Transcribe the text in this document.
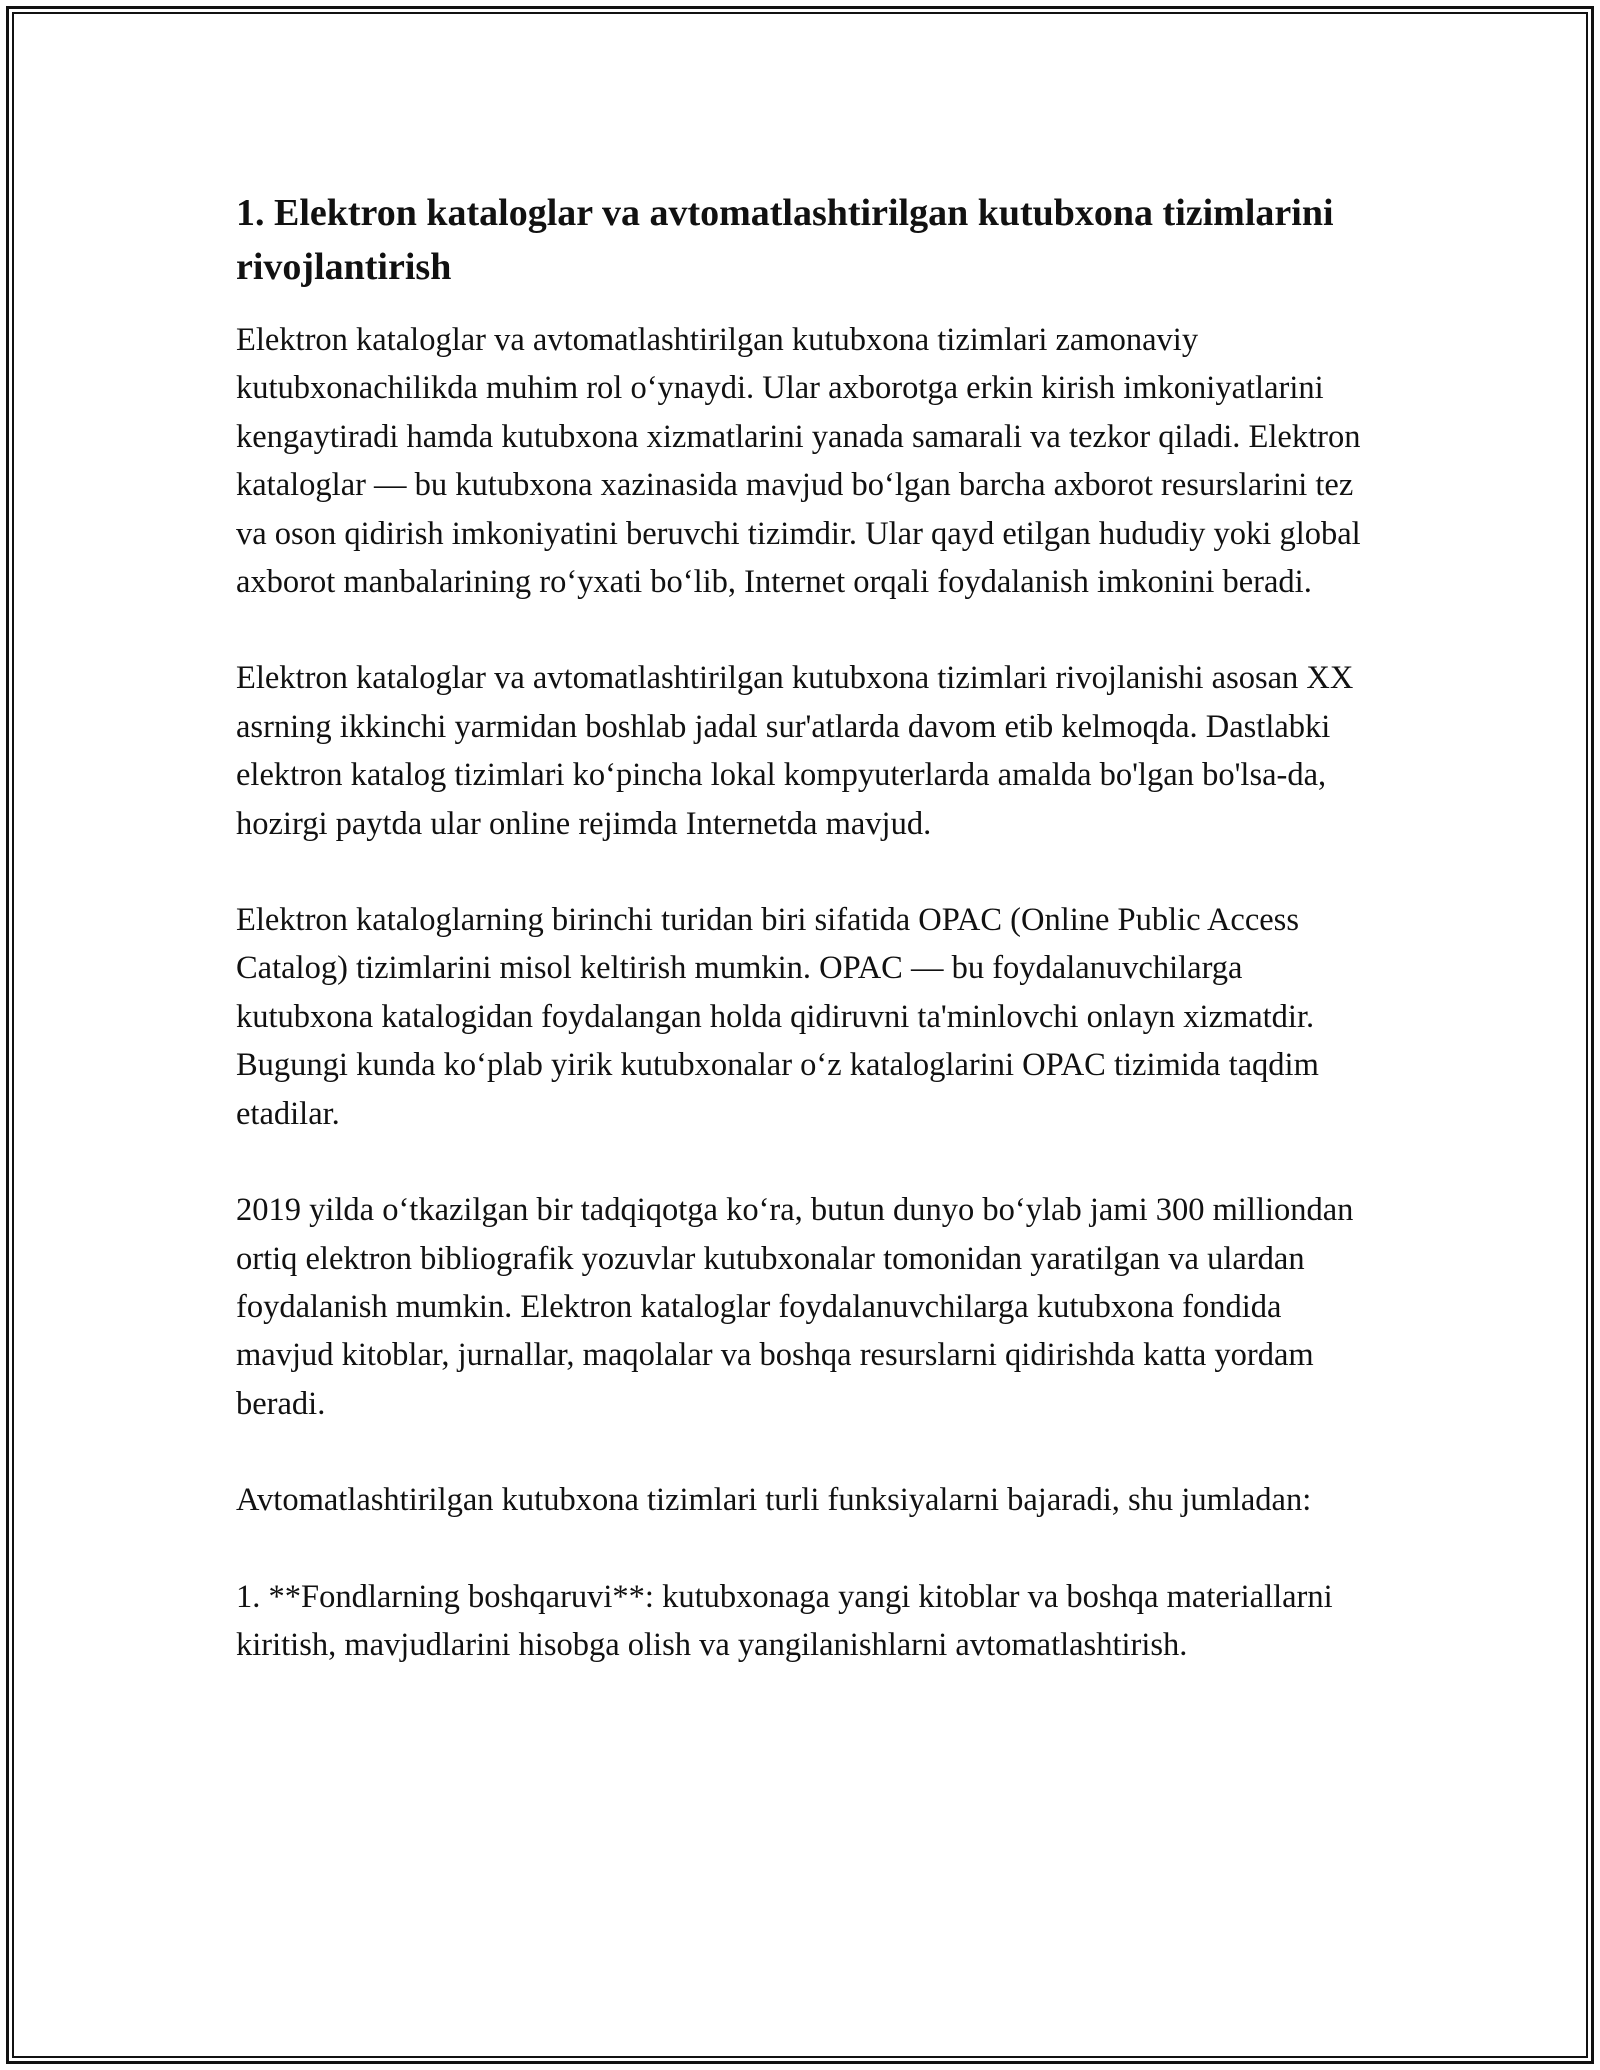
1. Elektron kataloglar va avtomatlashtirilgan kutubxona tizimlarini rivojlantirish

Elektron kataloglar va avtomatlashtirilgan kutubxona tizimlari zamonaviy kutubxonachilikda muhim rol o‘ynaydi. Ular axborotga erkin kirish imkoniyatlarini kengaytiradi hamda kutubxona xizmatlarini yanada samarali va tezkor qiladi. Elektron kataloglar — bu kutubxona xazinasida mavjud bo‘lgan barcha axborot resurslarini tez va oson qidirish imkoniyatini beruvchi tizimdir. Ular qayd etilgan hududiy yoki global axborot manbalarining ro‘yxati bo‘lib, Internet orqali foydalanish imkonini beradi.

Elektron kataloglar va avtomatlashtirilgan kutubxona tizimlari rivojlanishi asosan XX asrning ikkinchi yarmidan boshlab jadal sur'atlarda davom etib kelmoqda. Dastlabki elektron katalog tizimlari ko‘pincha lokal kompyuterlarda amalda bo'lgan bo'lsa-da, hozirgi paytda ular online rejimda Internetda mavjud.

Elektron kataloglarning birinchi turidan biri sifatida OPAC (Online Public Access Catalog) tizimlarini misol keltirish mumkin. OPAC — bu foydalanuvchilarga kutubxona katalogidan foydalangan holda qidiruvni ta'minlovchi onlayn xizmatdir. Bugungi kunda ko‘plab yirik kutubxonalar o‘z kataloglarini OPAC tizimida taqdim etadilar.

2019 yilda o‘tkazilgan bir tadqiqotga ko‘ra, butun dunyo bo‘ylab jami 300 milliondan ortiq elektron bibliografik yozuvlar kutubxonalar tomonidan yaratilgan va ulardan foydalanish mumkin. Elektron kataloglar foydalanuvchilarga kutubxona fondida mavjud kitoblar, jurnallar, maqolalar va boshqa resurslarni qidirishda katta yordam beradi.

Avtomatlashtirilgan kutubxona tizimlari turli funksiyalarni bajaradi, shu jumladan:

1. **Fondlarning boshqaruvi**: kutubxonaga yangi kitoblar va boshqa materiallarni kiritish, mavjudlarini hisobga olish va yangilanishlarni avtomatlashtirish.
